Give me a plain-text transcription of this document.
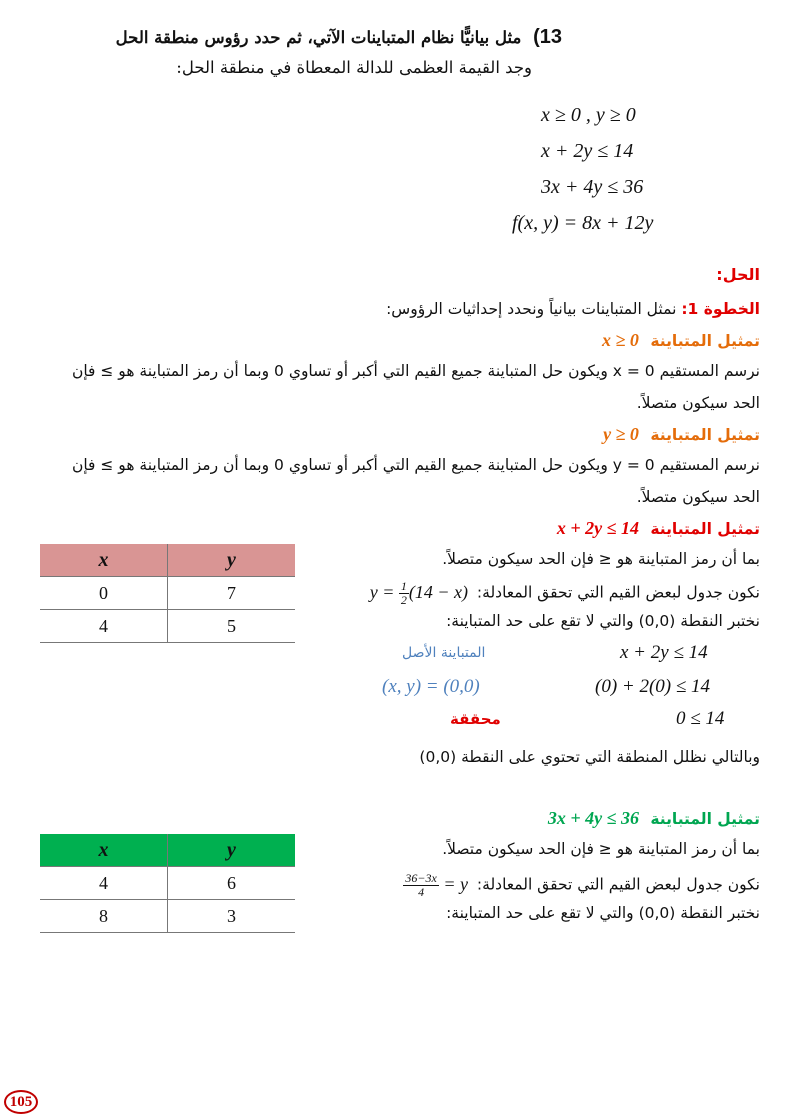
13) مثل بيانيًّا نظام المتباينات الآتي، ثم حدد رؤوس منطقة الحل
وجد القيمة العظمى للدالة المعطاة في منطقة الحل:
x ≥ 0 , y ≥ 0
x + 2y ≤ 14
3x + 4y ≤ 36
f(x, y) = 8x + 12y
الحل:
الخطوة 1: نمثل المتباينات بيانياً ونحدد إحداثيات الرؤوس:
تمثيل المتباينة x ≥ 0
نرسم المستقيم x = 0 ويكون حل المتباينة جميع القيم التي أكبر أو تساوي 0 وبما أن رمز المتباينة هو ≥ فإن
الحد سيكون متصلاً.
تمثيل المتباينة y ≥ 0
نرسم المستقيم y = 0 ويكون حل المتباينة جميع القيم التي أكبر أو تساوي 0 وبما أن رمز المتباينة هو ≥ فإن
الحد سيكون متصلاً.
تمثيل المتباينة x + 2y ≤ 14
بما أن رمز المتباينة هو ≤ فإن الحد سيكون متصلاً.
نكون جدول لبعض القيم التي تحقق المعادلة: $y = \frac{1}{2} (14 - x)$
نختبر النقطة (0,0) والتي لا تقع على حد المتباينة:
المتباينة الأصل	x + 2y ≤ 14
(x, y) = (0,0)	(0) + 2(0) ≤ 14
محققة	0 ≤ 14
وبالتالي نظلل المنطقة التي تحتوي على النقطة (0,0)
x	y
0	7
4	5
تمثيل المتباينة 3x + 4y ≤ 36
بما أن رمز المتباينة هو ≤ فإن الحد سيكون متصلاً.
نكون جدول لبعض القيم التي تحقق المعادلة: y =
$\frac{36-3x}{4}$
نختبر النقطة (0,0) والتي لا تقع على حد المتباينة:
x	y
4	6
8	3
105
